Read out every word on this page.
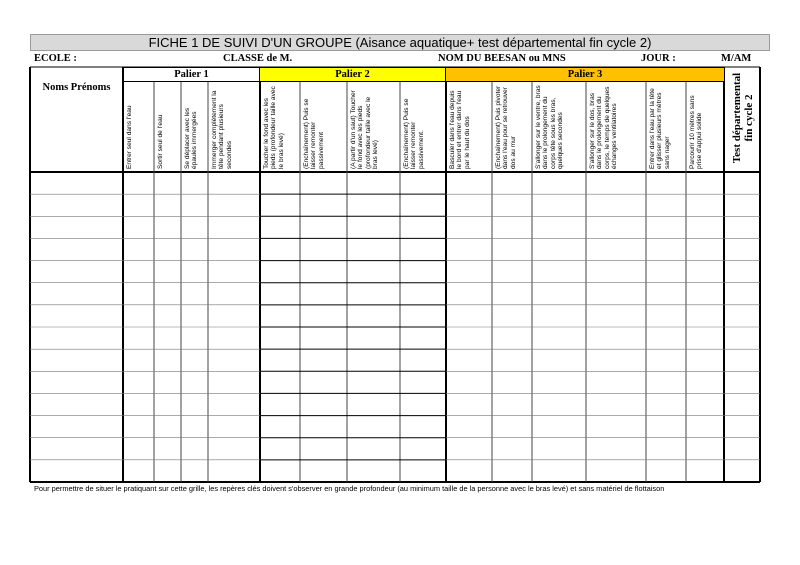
FICHE 1 DE SUIVI D'UN GROUPE (Aisance aquatique+ test départemental fin cycle 2)
ECOLE :	CLASSE de M.	NOM DU BEESAN ou MNS	JOUR :	M/AM
Palier 1	Palier 2	Palier 3
Noms Prénoms
Entrer seul dans l'eau	Sortir seul de l'eau	Se déplacer avec les épaules immergées	Immerger complètement la tête pendant plusieurs secondes	Toucher le fond avec les pieds (profondeur taille avec le bras levé)	(Enchaînement) Puis se laisser remonter passivement	(A partir d'un saut) Toucher le fond avec les pieds (profondeur taille avec le bras levé)	(Enchaînement) Puis se laisser remonter passivement.	Basculer dans l'eau depuis le bord et entrer dans l'eau par le haut du dos	(Enchaînement) Puis pivoter dans l'eau pour se retrouver dos au mur	S'allonger sur le ventre, bras dans le prolongement du corps tête sous les bras, quelques secondes	S'allonger sur le dos, bras dans le prolongement du corps, le temps de quelques échanges ventilatoires	Entrer dans l'eau par la tête et glisser plusieurs mètres sans nager	Parcourir 10 mètres sans prise d'appui solide	Test départemental fin cycle 2
Pour permettre de situer le pratiquant sur cette grille, les repères clés doivent s'observer en grande profondeur (au minimum taille de la personne avec le bras levé) et sans matériel de flottaison
